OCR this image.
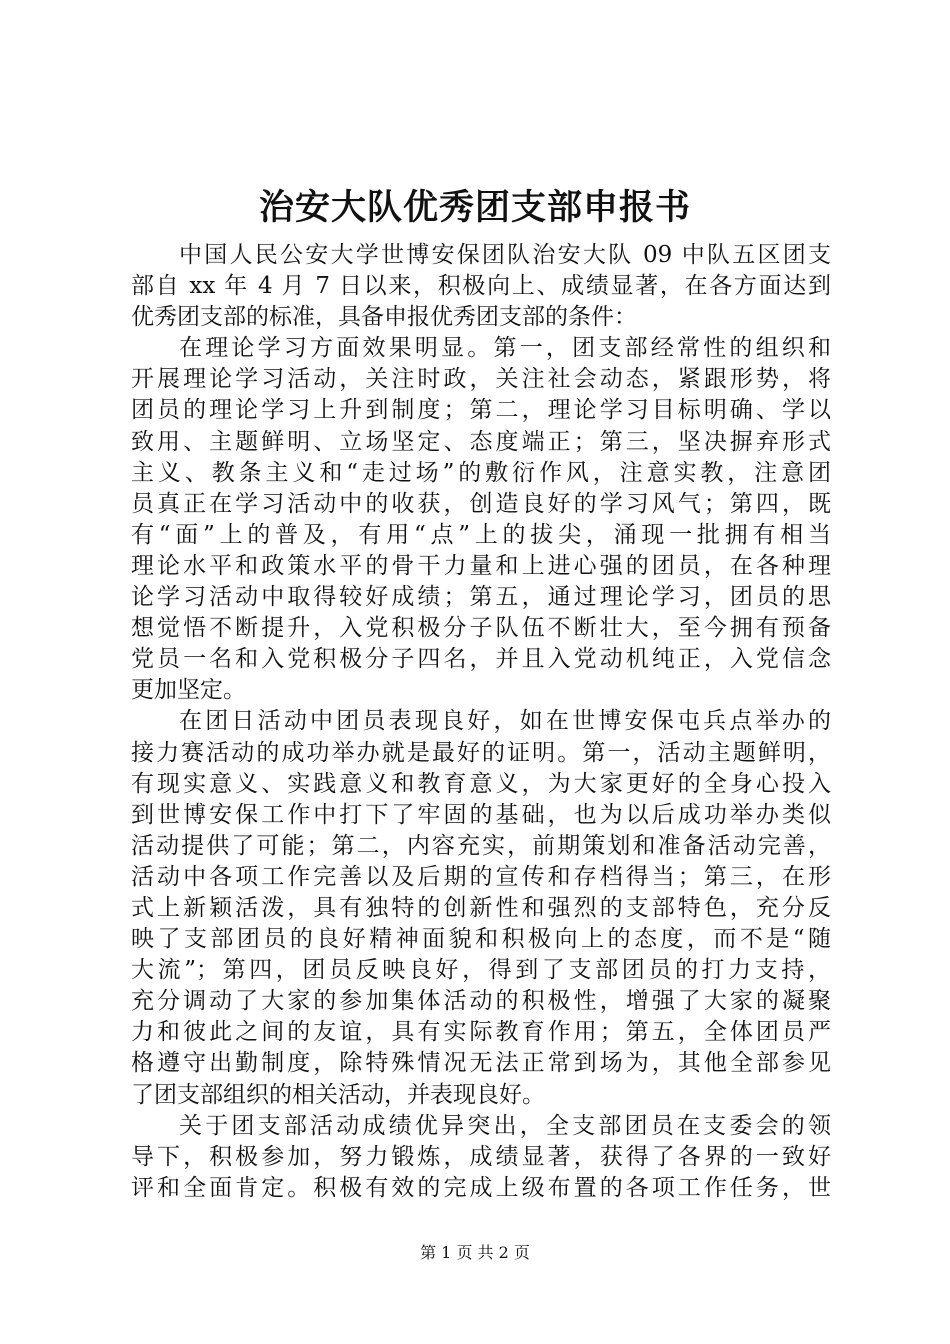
治安大队优秀团支部申报书
中国人民公安大学世博安保团队治安大队 09 中队五区团支
部自 xx 年 4 月 7 日以来，积极向上、成绩显著，在各方面达到
优秀团支部的标准，具备申报优秀团支部的条件：
在理论学习方面效果明显。第一，团支部经常性的组织和
开展理论学习活动，关注时政，关注社会动态，紧跟形势，将
团员的理论学习上升到制度；第二，理论学习目标明确、学以
致用、主题鲜明、立场坚定、态度端正；第三，坚决摒弃形式
主义、教条主义和“走过场”的敷衍作风，注意实教，注意团
员真正在学习活动中的收获，创造良好的学习风气；第四，既
有“面”上的普及，有用“点”上的拔尖，涌现一批拥有相当
理论水平和政策水平的骨干力量和上进心强的团员，在各种理
论学习活动中取得较好成绩；第五，通过理论学习，团员的思
想觉悟不断提升，入党积极分子队伍不断壮大，至今拥有预备
党员一名和入党积极分子四名，并且入党动机纯正，入党信念
更加坚定。
在团日活动中团员表现良好，如在世博安保屯兵点举办的
接力赛活动的成功举办就是最好的证明。第一，活动主题鲜明，
有现实意义、实践意义和教育意义，为大家更好的全身心投入
到世博安保工作中打下了牢固的基础，也为以后成功举办类似
活动提供了可能；第二，内容充实，前期策划和准备活动完善，
活动中各项工作完善以及后期的宣传和存档得当；第三，在形
式上新颖活泼，具有独特的创新性和强烈的支部特色，充分反
映了支部团员的良好精神面貌和积极向上的态度，而不是“随
大流”；第四，团员反映良好，得到了支部团员的打力支持，
充分调动了大家的参加集体活动的积极性，增强了大家的凝聚
力和彼此之间的友谊，具有实际教育作用；第五，全体团员严
格遵守出勤制度，除特殊情况无法正常到场为，其他全部参见
了团支部组织的相关活动，并表现良好。
关于团支部活动成绩优异突出，全支部团员在支委会的领
导下，积极参加，努力锻炼，成绩显著，获得了各界的一致好
评和全面肯定。积极有效的完成上级布置的各项工作任务，世
第 1 页 共 2 页
